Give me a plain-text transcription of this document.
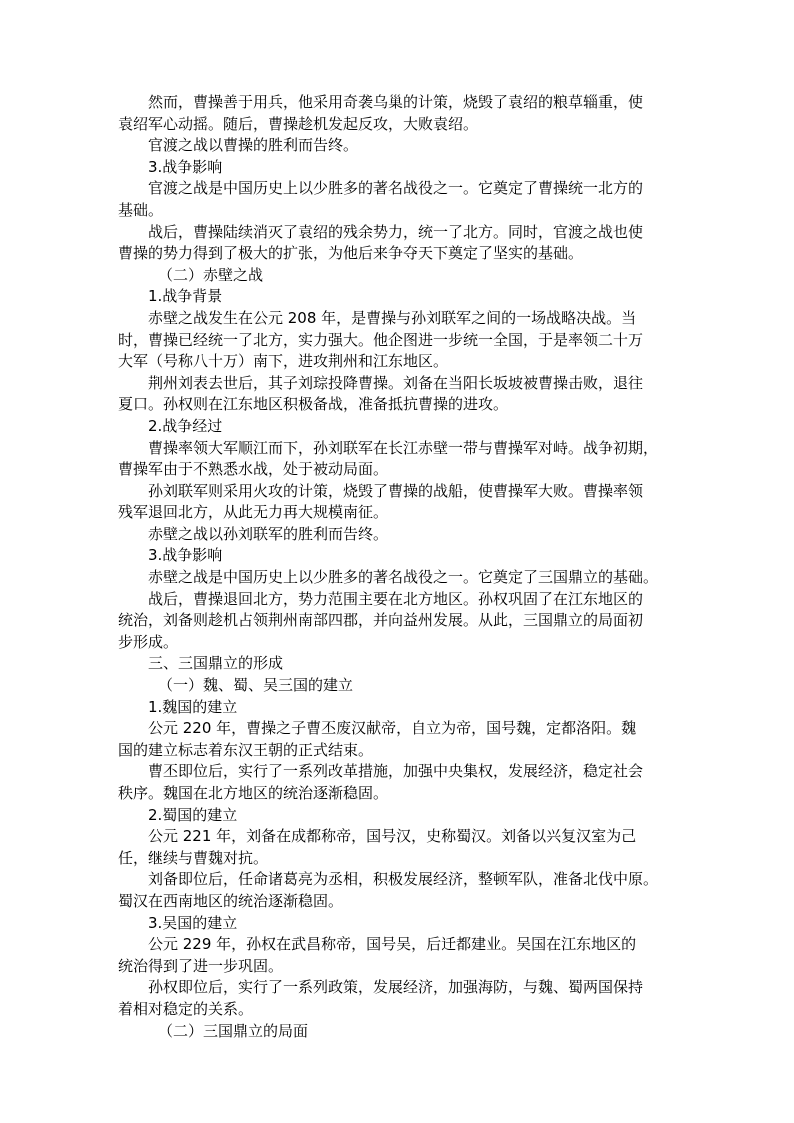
然而，曹操善于用兵，他采用奇袭乌巢的计策，烧毁了袁绍的粮草辎重，使
袁绍军心动摇。随后，曹操趁机发起反攻，大败袁绍。

官渡之战以曹操的胜利而告终。

3.战争影响

官渡之战是中国历史上以少胜多的著名战役之一。它奠定了曹操统一北方的
基础。

战后，曹操陆续消灭了袁绍的残余势力，统一了北方。同时，官渡之战也使
曹操的势力得到了极大的扩张，为他后来争夺天下奠定了坚实的基础。

（二）赤壁之战

1.战争背景

赤壁之战发生在公元 208 年，是曹操与孙刘联军之间的一场战略决战。当
时，曹操已经统一了北方，实力强大。他企图进一步统一全国，于是率领二十万
大军（号称八十万）南下，进攻荆州和江东地区。

荆州刘表去世后，其子刘琮投降曹操。刘备在当阳长坂坡被曹操击败，退往
夏口。孙权则在江东地区积极备战，准备抵抗曹操的进攻。

2.战争经过

曹操率领大军顺江而下，孙刘联军在长江赤壁一带与曹操军对峙。战争初期，
曹操军由于不熟悉水战，处于被动局面。

孙刘联军则采用火攻的计策，烧毁了曹操的战船，使曹操军大败。曹操率领
残军退回北方，从此无力再大规模南征。

赤壁之战以孙刘联军的胜利而告终。

3.战争影响

赤壁之战是中国历史上以少胜多的著名战役之一。它奠定了三国鼎立的基础。

战后，曹操退回北方，势力范围主要在北方地区。孙权巩固了在江东地区的
统治，刘备则趁机占领荆州南部四郡，并向益州发展。从此，三国鼎立的局面初
步形成。

三、三国鼎立的形成

（一）魏、蜀、吴三国的建立

1.魏国的建立

公元 220 年，曹操之子曹丕废汉献帝，自立为帝，国号魏，定都洛阳。魏
国的建立标志着东汉王朝的正式结束。

曹丕即位后，实行了一系列改革措施，加强中央集权，发展经济，稳定社会
秩序。魏国在北方地区的统治逐渐稳固。

2.蜀国的建立

公元 221 年，刘备在成都称帝，国号汉，史称蜀汉。刘备以兴复汉室为己
任，继续与曹魏对抗。

刘备即位后，任命诸葛亮为丞相，积极发展经济，整顿军队，准备北伐中原。
蜀汉在西南地区的统治逐渐稳固。

3.吴国的建立

公元 229 年，孙权在武昌称帝，国号吴，后迁都建业。吴国在江东地区的
统治得到了进一步巩固。

孙权即位后，实行了一系列政策，发展经济，加强海防，与魏、蜀两国保持
着相对稳定的关系。

（二）三国鼎立的局面
